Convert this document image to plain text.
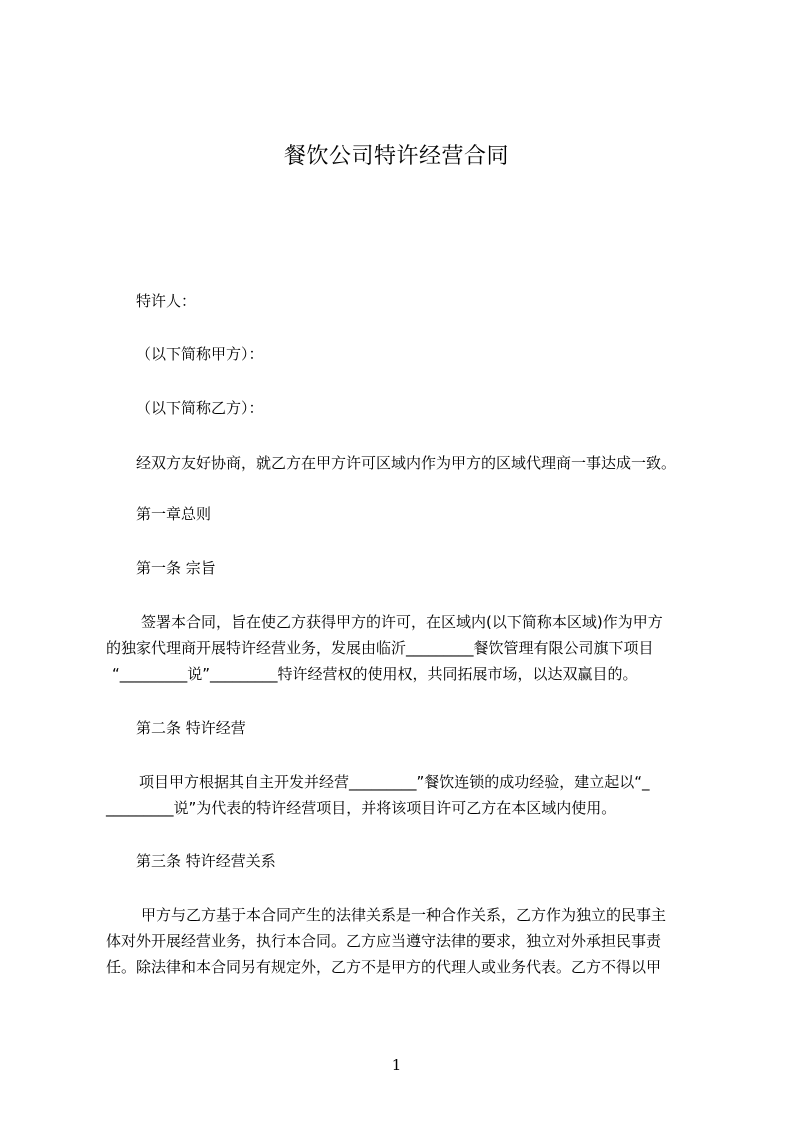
餐饮公司特许经营合同
特许人：
（以下简称甲方）：
（以下简称乙方）：
经双方友好协商，就乙方在甲方许可区域内作为甲方的区域代理商一事达成一致。
第一章总则
第一条 宗旨
签署本合同，旨在使乙方获得甲方的许可，在区域内(以下简称本区域)作为甲方
的独家代理商开展特许经营业务，发展由临沂_________餐饮管理有限公司旗下项目
“_________说”_________特许经营权的使用权，共同拓展市场，以达双赢目的。
第二条 特许经营
项目甲方根据其自主开发并经营_________”餐饮连锁的成功经验，建立起以“_
_________说”为代表的特许经营项目，并将该项目许可乙方在本区域内使用。
第三条 特许经营关系
甲方与乙方基于本合同产生的法律关系是一种合作关系，乙方作为独立的民事主
体对外开展经营业务，执行本合同。乙方应当遵守法律的要求，独立对外承担民事责
任。除法律和本合同另有规定外，乙方不是甲方的代理人或业务代表。乙方不得以甲
1
